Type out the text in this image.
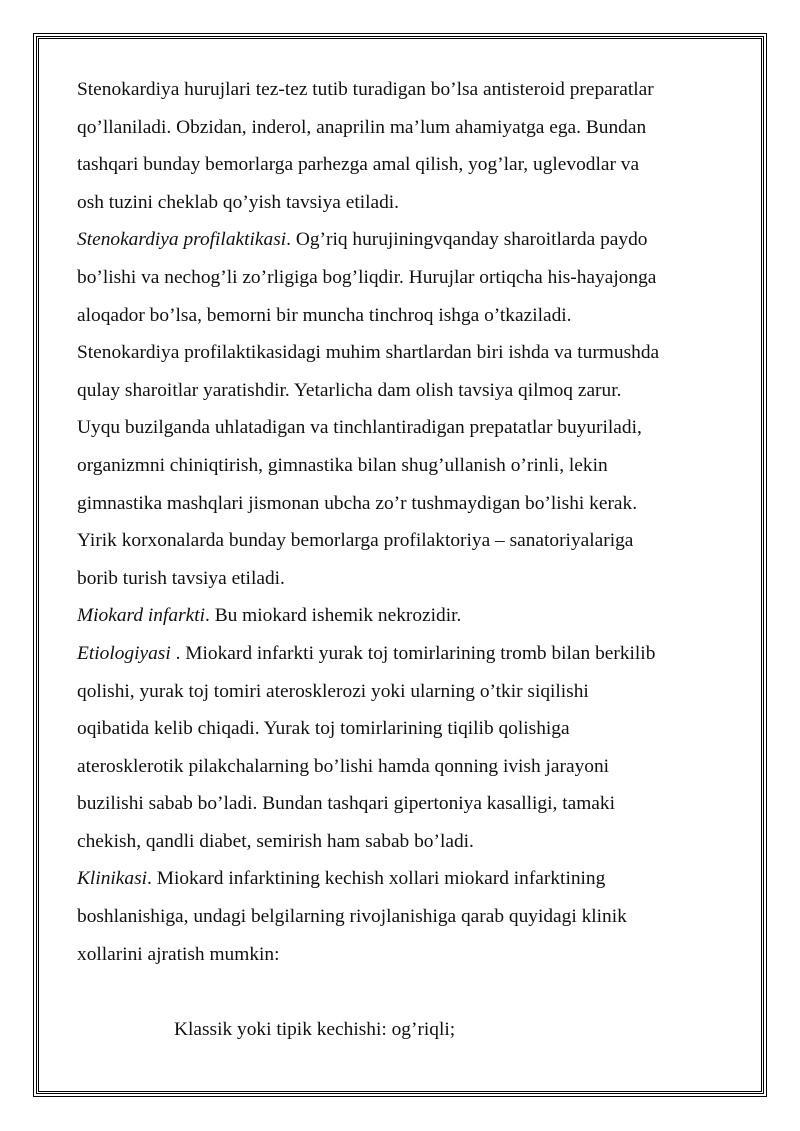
Stenokardiya hurujlari tez-tez tutib turadigan bo’lsa antisteroid preparatlar
qo’llaniladi. Obzidan, inderol, anaprilin ma’lum ahamiyatga ega. Bundan
tashqari bunday bemorlarga parhezga amal qilish, yog’lar, uglevodlar va
osh tuzini cheklab qo’yish tavsiya etiladi.
Stenokardiya profilaktikasi. Og’riq hurujiningvqanday sharoitlarda paydo
bo’lishi va nechog’li zo’rligiga bog’liqdir. Hurujlar ortiqcha his-hayajonga
aloqador bo’lsa, bemorni bir muncha tinchroq ishga o’tkaziladi.
Stenokardiya profilaktikasidagi muhim shartlardan biri ishda va turmushda
qulay sharoitlar yaratishdir. Yetarlicha dam olish tavsiya qilmoq zarur.
Uyqu buzilganda uhlatadigan va tinchlantiradigan prepatatlar buyuriladi,
organizmni chiniqtirish, gimnastika bilan shug’ullanish o’rinli, lekin
gimnastika mashqlari jismonan ubcha zo’r tushmaydigan bo’lishi kerak.
Yirik korxonalarda bunday bemorlarga profilaktoriya – sanatoriyalariga
borib turish tavsiya etiladi.
Miokard infarkti. Bu miokard ishemik nekrozidir.
Etiologiyasi . Miokard infarkti yurak toj tomirlarining tromb bilan berkilib
qolishi, yurak toj tomiri aterosklerozi yoki ularning o’tkir siqilishi
oqibatida kelib chiqadi. Yurak toj tomirlarining tiqilib qolishiga
aterosklerotik pilakchalarning bo’lishi hamda qonning ivish jarayoni
buzilishi sabab bo’ladi. Bundan tashqari gipertoniya kasalligi, tamaki
chekish, qandli diabet, semirish ham sabab bo’ladi.
Klinikasi. Miokard infarktining kechish xollari miokard infarktining
boshlanishiga, undagi belgilarning rivojlanishiga qarab quyidagi klinik
xollarini ajratish mumkin:
Klassik yoki tipik kechishi: og’riqli;
